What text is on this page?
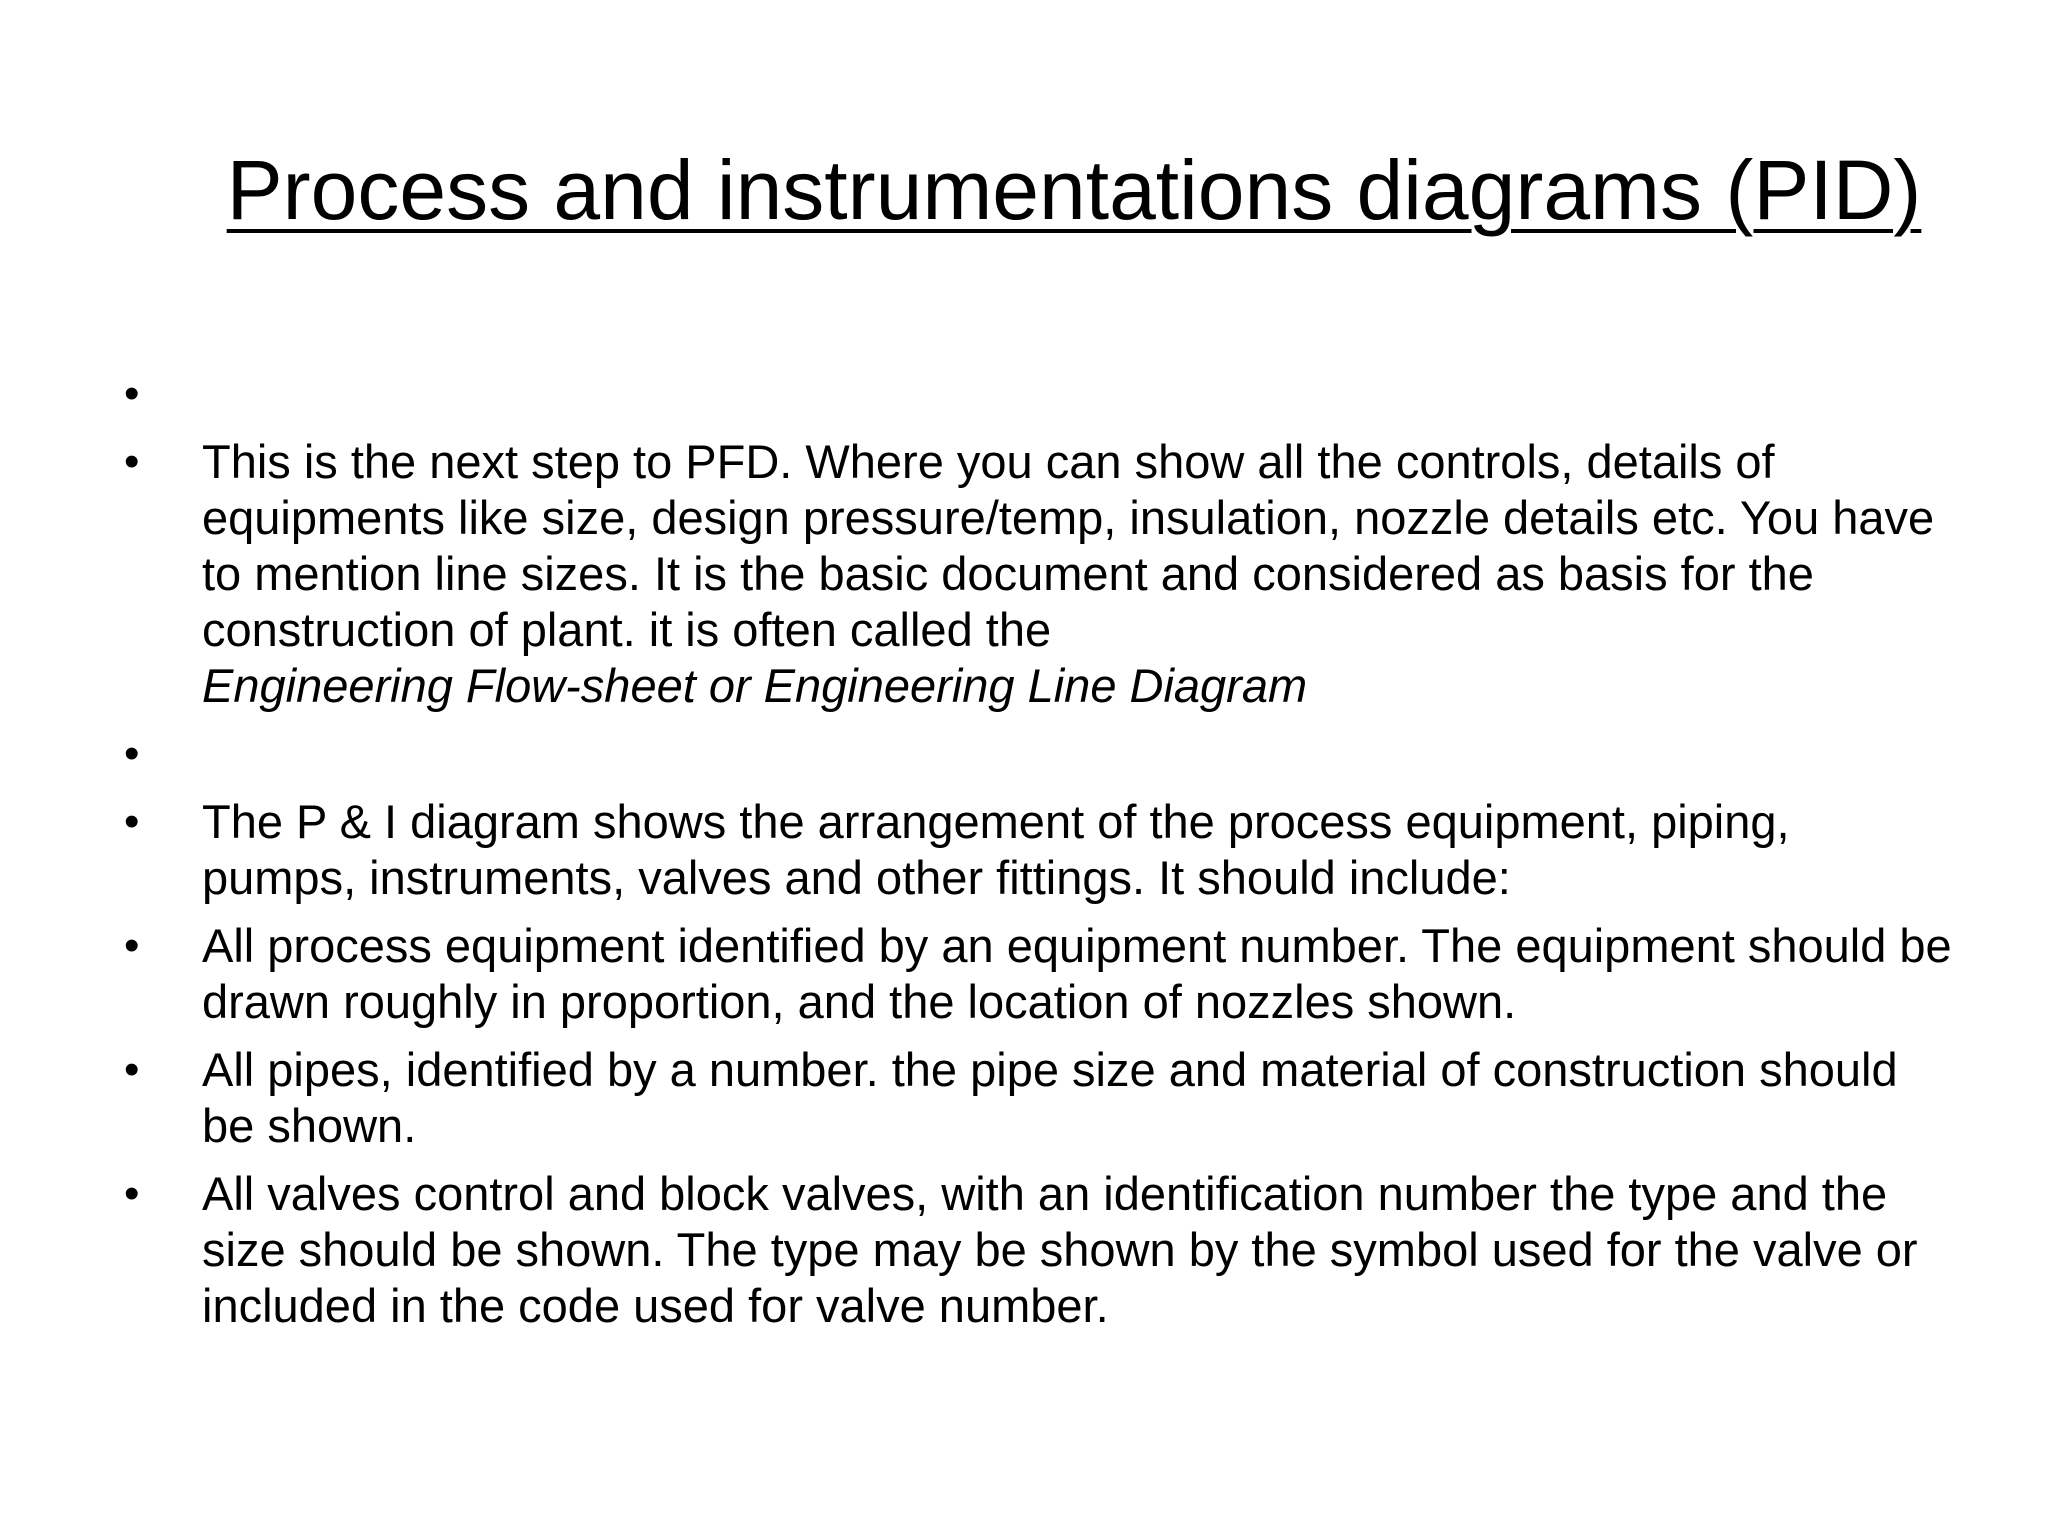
Process and instrumentations diagrams (PID)
•
•	This is the next step to PFD. Where you can show all the controls, details of equipments like size, design pressure/temp, insulation, nozzle details etc. You have to mention line sizes. It is the basic document and considered as basis for the construction of plant. it is often called the
Engineering Flow-sheet or Engineering Line Diagram
•
•	The P & I diagram shows the arrangement of the process equipment, piping, pumps, instruments, valves and other fittings. It should include:
•	All process equipment identified by an equipment number. The equipment should be drawn roughly in proportion, and the location of nozzles shown.
•	All pipes, identified by a number. the pipe size and material of construction should be shown.
•	All valves control and block valves, with an identification number the type and the size should be shown. The type may be shown by the symbol used for the valve or included in the code used for valve number.
